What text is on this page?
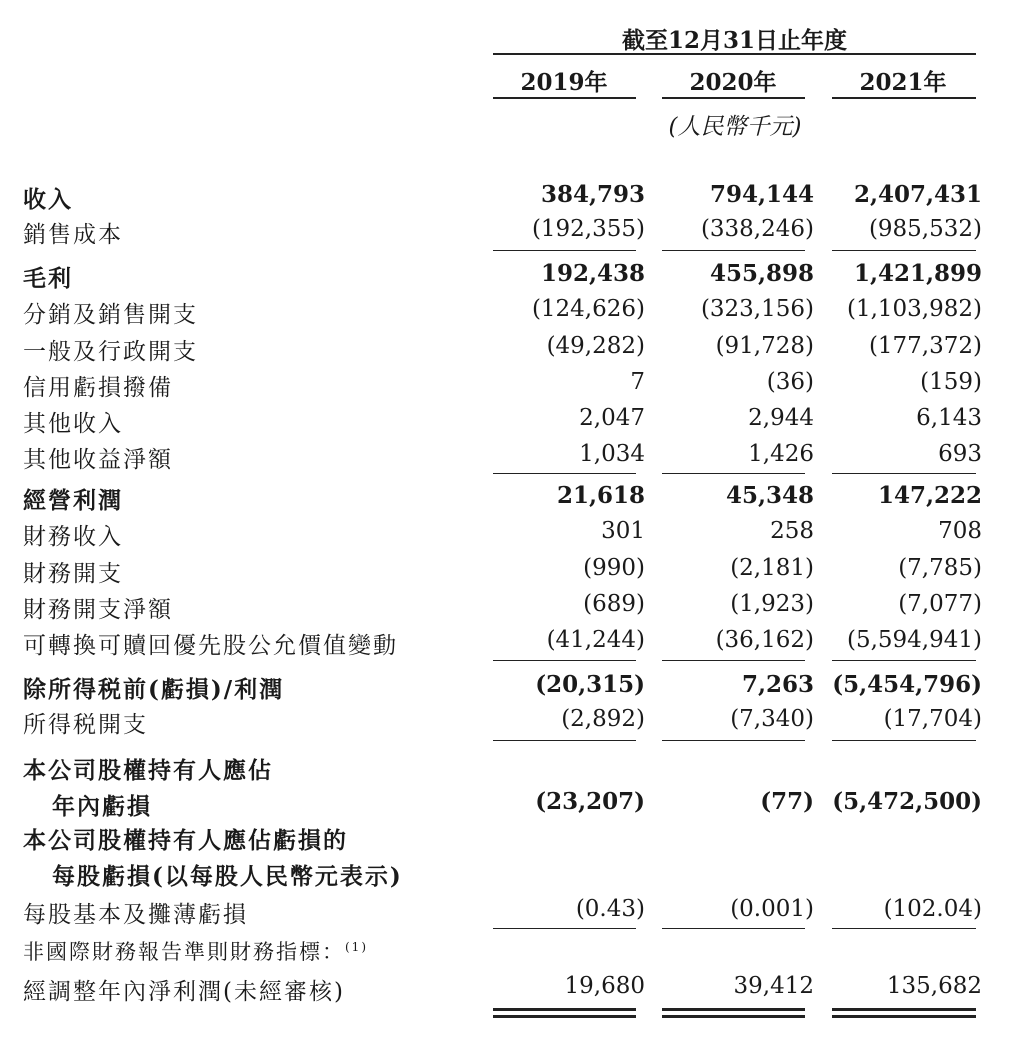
截至12月31日止年度
2019年	2020年	2021年
(人民幣千元)
收入	384,793	794,144	2,407,431
銷售成本	(192,355)	(338,246)	(985,532)
毛利	192,438	455,898	1,421,899
分銷及銷售開支	(124,626)	(323,156)	(1,103,982)
一般及行政開支	(49,282)	(91,728)	(177,372)
信用虧損撥備	7	(36)	(159)
其他收入	2,047	2,944	6,143
其他收益淨額	1,034	1,426	693
經營利潤	21,618	45,348	147,222
財務收入	301	258	708
財務開支	(990)	(2,181)	(7,785)
財務開支淨額	(689)	(1,923)	(7,077)
可轉換可贖回優先股公允價值變動	(41,244)	(36,162)	(5,594,941)
除所得税前(虧損)/利潤	(20,315)	7,263 (5,454,796)
所得税開支	(2,892)	(7,340)	(17,704)
本公司股權持有人應佔
年內虧損	(23,207)	(77) (5,472,500)
本公司股權持有人應佔虧損的
每股虧損(以每股人民幣元表示)
每股基本及攤薄虧損	(0.43)	(0.001)	(102.04)
非國際財務報告準則財務指標：$^{(1)}$
經調整年內淨利潤(未經審核)	19,680	39,412	135,682
